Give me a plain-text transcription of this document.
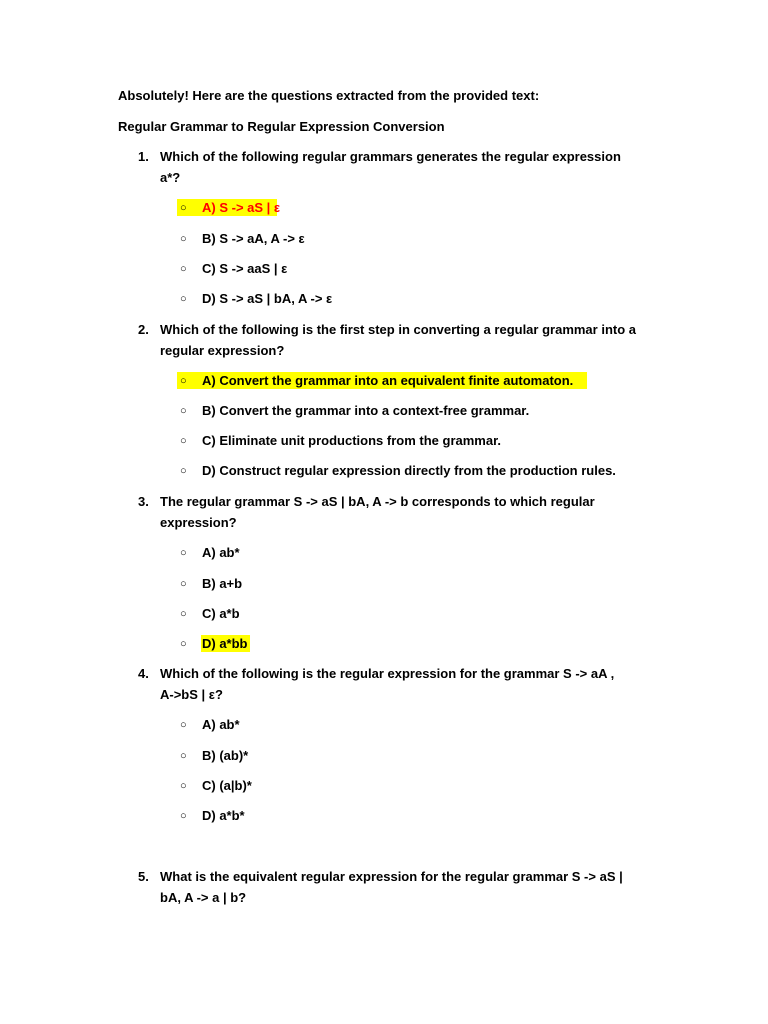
Absolutely! Here are the questions extracted from the provided text:
Regular Grammar to Regular Expression Conversion
1. Which of the following regular grammars generates the regular expression
a*?
○ A) S -> aS | ε
○ B) S -> aA, A -> ε
○ C) S -> aaS | ε
○ D) S -> aS | bA, A -> ε
2. Which of the following is the first step in converting a regular grammar into a
regular expression?
○ A) Convert the grammar into an equivalent finite automaton.
○ B) Convert the grammar into a context-free grammar.
○ C) Eliminate unit productions from the grammar.
○ D) Construct regular expression directly from the production rules.
3. The regular grammar S -> aS | bA, A -> b corresponds to which regular
expression?
○ A) ab*
○ B) a+b
○ C) a*b
○ D) a*bb
4. Which of the following is the regular expression for the grammar S -> aA ,
A->bS | ε?
○ A) ab*
○ B) (ab)*
○ C) (a|b)*
○ D) a*b*
5. What is the equivalent regular expression for the regular grammar S -> aS |
bA, A -> a | b?
